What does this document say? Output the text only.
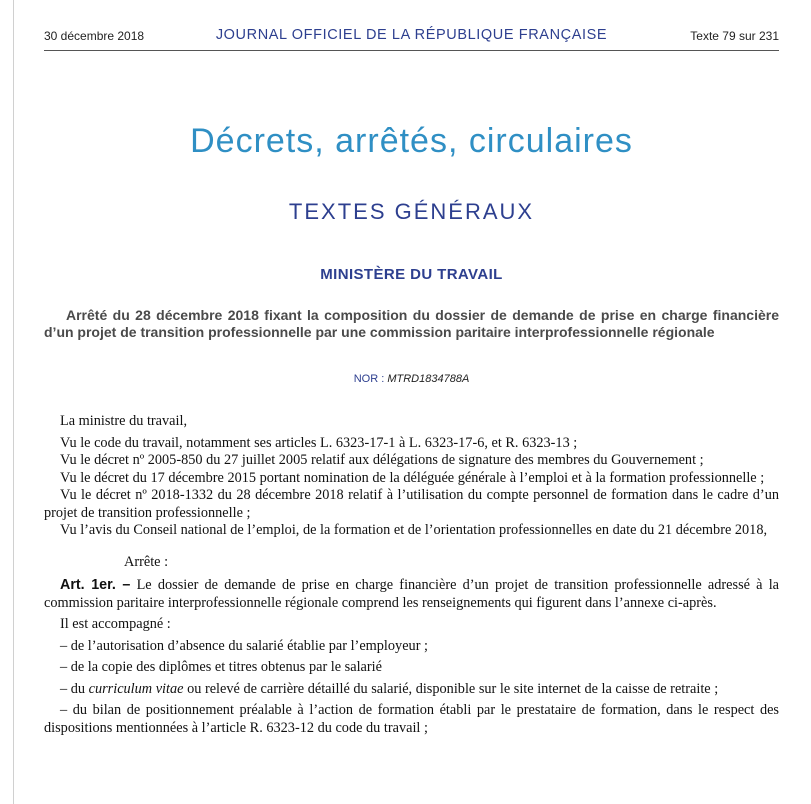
30 décembre 2018	JOURNAL OFFICIEL DE LA RÉPUBLIQUE FRANÇAISE	Texte 79 sur 231
Décrets, arrêtés, circulaires
TEXTES GÉNÉRAUX
MINISTÈRE DU TRAVAIL
Arrêté du 28 décembre 2018 fixant la composition du dossier de demande de prise en charge financière d’un projet de transition professionnelle par une commission paritaire interprofessionnelle régionale
NOR : MTRD1834788A

La ministre du travail,

Vu le code du travail, notamment ses articles L. 6323-17-1 à L. 6323-17-6, et R. 6323-13 ;

Vu le décret nº 2005-850 du 27 juillet 2005 relatif aux délégations de signature des membres du Gouvernement ;

Vu le décret du 17 décembre 2015 portant nomination de la déléguée générale à l’emploi et à la formation professionnelle ;

Vu le décret nº 2018-1332 du 28 décembre 2018 relatif à l’utilisation du compte personnel de formation dans le cadre d’un projet de transition professionnelle ;

Vu l’avis du Conseil national de l’emploi, de la formation et de l’orientation professionnelles en date du 21 décembre 2018,

Arrête :

Art. 1er. – Le dossier de demande de prise en charge financière d’un projet de transition professionnelle adressé à la commission paritaire interprofessionnelle régionale comprend les renseignements qui figurent dans l’annexe ci-après.

Il est accompagné :

– de l’autorisation d’absence du salarié établie par l’employeur ;
– de la copie des diplômes et titres obtenus par le salarié
– du curriculum vitae ou relevé de carrière détaillé du salarié, disponible sur le site internet de la caisse de retraite ;
– du bilan de positionnement préalable à l’action de formation établi par le prestataire de formation, dans le respect des dispositions mentionnées à l’article R. 6323-12 du code du travail ;
